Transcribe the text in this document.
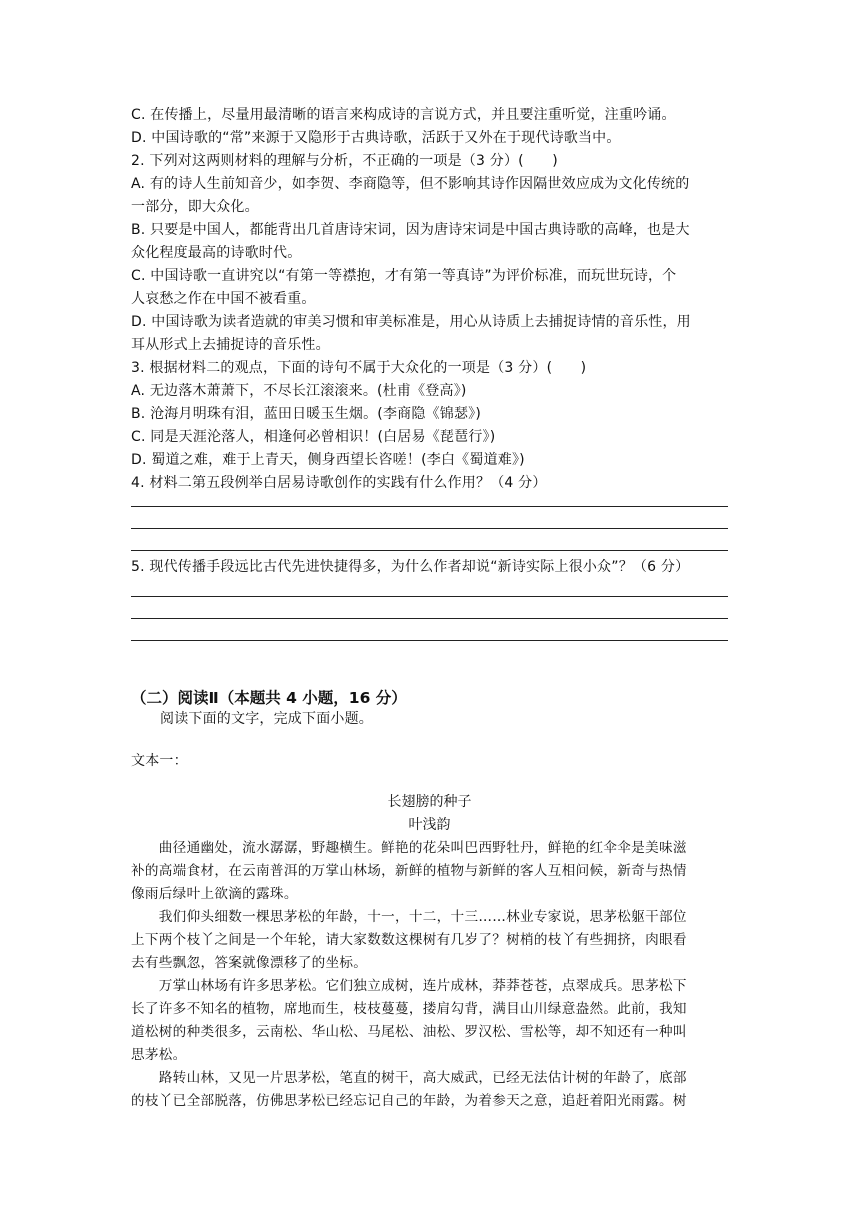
C. 在传播上，尽量用最清晰的语言来构成诗的言说方式，并且要注重听觉，注重吟诵。
D. 中国诗歌的“常”来源于又隐形于古典诗歌，活跃于又外在于现代诗歌当中。
2. 下列对这两则材料的理解与分析，不正确的一项是（3 分）(　　)
A. 有的诗人生前知音少，如李贺、李商隐等，但不影响其诗作因隔世效应成为文化传统的
一部分，即大众化。
B. 只要是中国人，都能背出几首唐诗宋词，因为唐诗宋词是中国古典诗歌的高峰，也是大
众化程度最高的诗歌时代。
C. 中国诗歌一直讲究以“有第一等襟抱，才有第一等真诗”为评价标准，而玩世玩诗，个
人哀愁之作在中国不被看重。
D. 中国诗歌为读者造就的审美习惯和审美标准是，用心从诗质上去捕捉诗情的音乐性，用
耳从形式上去捕捉诗的音乐性。
3. 根据材料二的观点，下面的诗句不属于大众化的一项是（3 分）(　　)
A. 无边落木萧萧下，不尽长江滚滚来。(杜甫《登高》)
B. 沧海月明珠有泪，蓝田日暖玉生烟。(李商隐《锦瑟》)
C. 同是天涯沦落人，相逢何必曾相识！(白居易《琵琶行》)
D. 蜀道之难，难于上青天，侧身西望长咨嗟！(李白《蜀道难》)
4. 材料二第五段例举白居易诗歌创作的实践有什么作用？（4 分）
5. 现代传播手段远比古代先进快捷得多，为什么作者却说“新诗实际上很小众”？（6 分）
（二）阅读Ⅱ（本题共 4 小题，16 分）
阅读下面的文字，完成下面小题。
文本一：
长翅膀的种子
叶浅韵
　　曲径通幽处，流水潺潺，野趣横生。鲜艳的花朵叫巴西野牡丹，鲜艳的红伞伞是美味滋
补的高端食材，在云南普洱的万掌山林场，新鲜的植物与新鲜的客人互相问候，新奇与热情
像雨后绿叶上欲滴的露珠。
　　我们仰头细数一棵思茅松的年龄，十一，十二，十三……林业专家说，思茅松躯干部位
上下两个枝丫之间是一个年轮，请大家数数这棵树有几岁了？树梢的枝丫有些拥挤，肉眼看
去有些飘忽，答案就像漂移了的坐标。
　　万掌山林场有许多思茅松。它们独立成树，连片成林，莽莽苍苍，点翠成兵。思茅松下
长了许多不知名的植物，席地而生，枝枝蔓蔓，搂肩勾背，满目山川绿意盎然。此前，我知
道松树的种类很多，云南松、华山松、马尾松、油松、罗汉松、雪松等，却不知还有一种叫
思茅松。
　　路转山林，又见一片思茅松，笔直的树干，高大威武，已经无法估计树的年龄了，底部
的枝丫已全部脱落，仿佛思茅松已经忘记自己的年龄，为着参天之意，追赶着阳光雨露。树
